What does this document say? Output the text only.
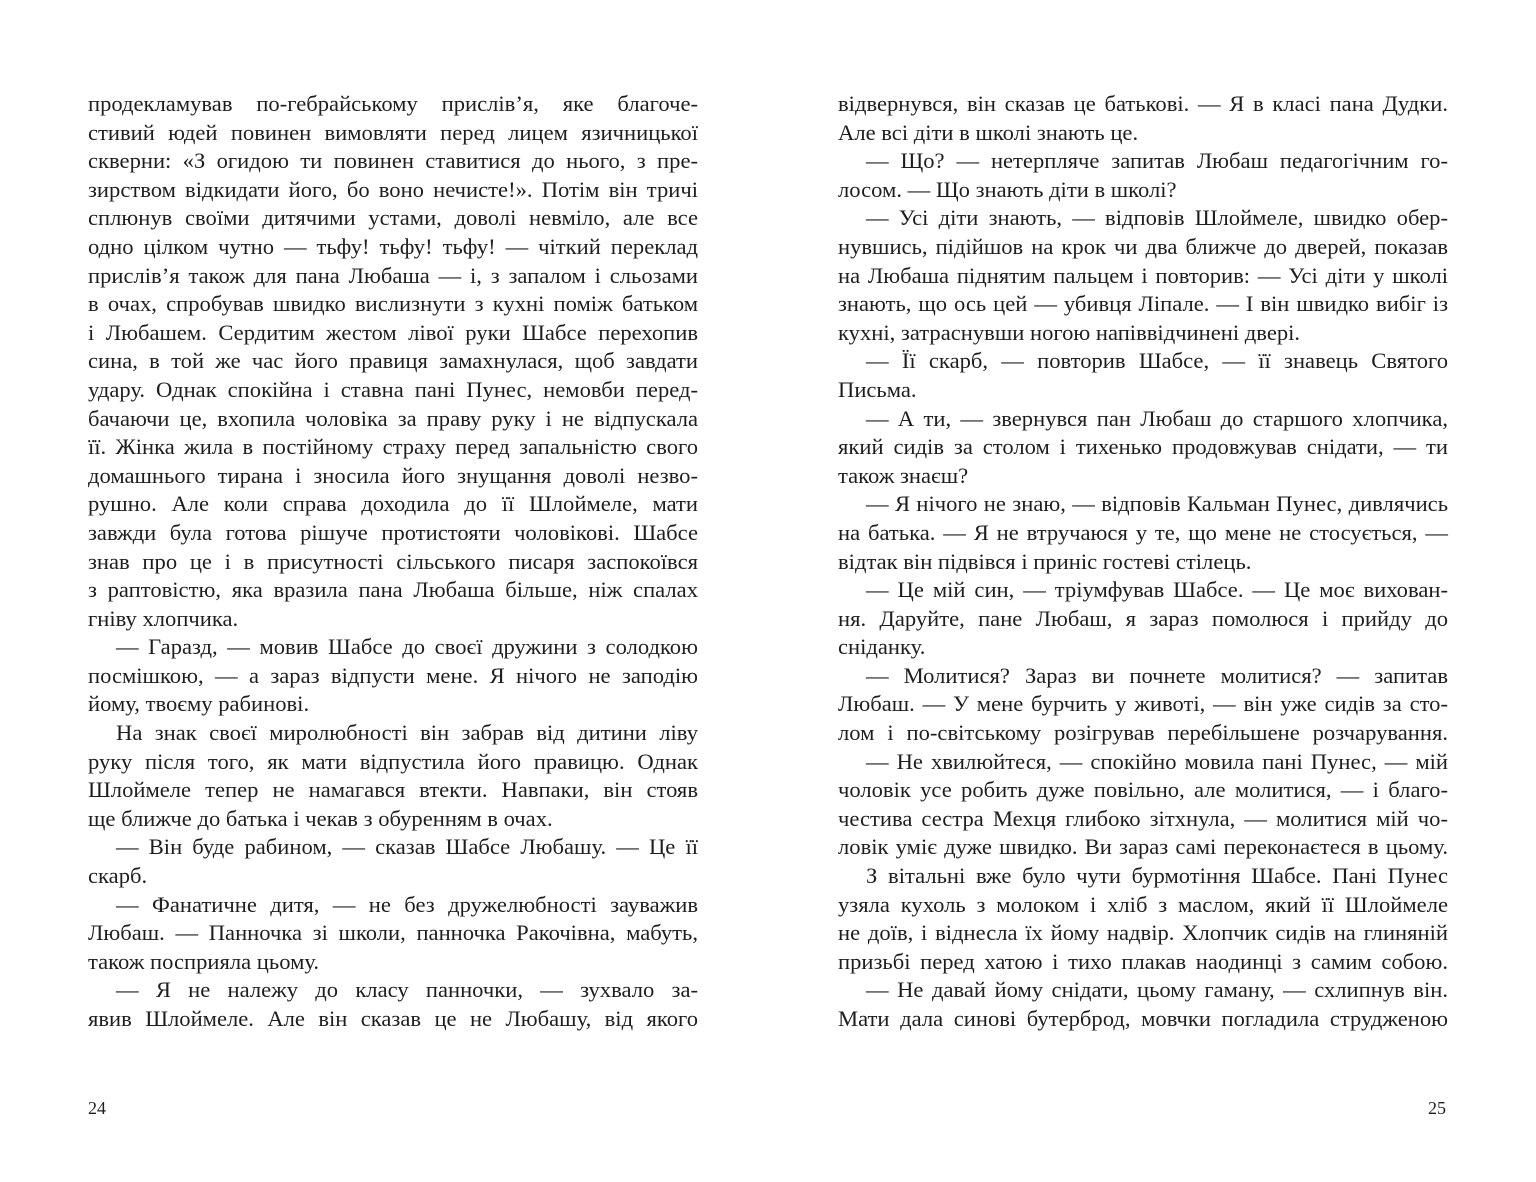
продекламував по-гебрайському прислів’я, яке благоче-
стивий юдей повинен вимовляти перед лицем язичницької
скверни: «З огидою ти повинен ставитися до нього, з пре-
зирством відкидати його, бо воно нечисте!». Потім він тричі
сплюнув своїми дитячими устами, доволі невміло, але все
одно цілком чутно — тьфу! тьфу! тьфу! — чіткий переклад
прислів’я також для пана Любаша — і, з запалом і сльозами
в очах, спробував швидко вислизнути з кухні поміж батьком
і Любашем. Сердитим жестом лівої руки Шабсе перехопив
сина, в той же час його правиця замахнулася, щоб завдати
удару. Однак спокійна і ставна пані Пунес, немовби перед-
бачаючи це, вхопила чоловіка за праву руку і не відпускала
її. Жінка жила в постійному страху перед запальністю свого
домашнього тирана і зносила його знущання доволі незво-
рушно. Але коли справа доходила до її Шлоймеле, мати
завжди була готова рішуче протистояти чоловікові. Шабсе
знав про це і в присутності сільського писаря заспокоївся
з раптовістю, яка вразила пана Любаша більше, ніж спалах
гніву хлопчика.
— Гаразд, — мовив Шабсе до своєї дружини з солодкою
посмішкою, — а зараз відпусти мене. Я нічого не заподію
йому, твоєму рабинові.
На знак своєї миролюбності він забрав від дитини ліву
руку після того, як мати відпустила його правицю. Однак
Шлоймеле тепер не намагався втекти. Навпаки, він стояв
ще ближче до батька і чекав з обуренням в очах.
— Він буде рабином, — сказав Шабсе Любашу. — Це її
скарб.
— Фанатичне дитя, — не без дружелюбності зауважив
Любаш. — Панночка зі школи, панночка Ракочівна, мабуть,
також посприяла цьому.
— Я не належу до класу панночки, — зухвало за-
явив Шлоймеле. Але він сказав це не Любашу, від якого
відвернувся, він сказав це батькові. — Я в класі пана Дудки.
Але всі діти в школі знають це.
— Що? — нетерпляче запитав Любаш педагогічним го-
лосом. — Що знають діти в школі?
— Усі діти знають, — відповів Шлоймеле, швидко обер-
нувшись, підійшов на крок чи два ближче до дверей, показав
на Любаша піднятим пальцем і повторив: — Усі діти у школі
знають, що ось цей — убивця Ліпале. — І він швидко вибіг із
кухні, затраснувши ногою напіввідчинені двері.
— Її скарб, — повторив Шабсе, — її знавець Святого
Письма.
— А ти, — звернувся пан Любаш до старшого хлопчика,
який сидів за столом і тихенько продовжував снідати, — ти
також знаєш?
— Я нічого не знаю, — відповів Кальман Пунес, дивлячись
на батька. — Я не втручаюся у те, що мене не стосується, —
відтак він підвівся і приніс гостеві стілець.
— Це мій син, — тріумфував Шабсе. — Це моє вихован-
ня. Даруйте, пане Любаш, я зараз помолюся і прийду до
сніданку.
— Молитися? Зараз ви почнете молитися? — запитав
Любаш. — У мене бурчить у животі, — він уже сидів за сто-
лом і по-світському розігрував перебільшене розчарування.
— Не хвилюйтеся, — спокійно мовила пані Пунес, — мій
чоловік усе робить дуже повільно, але молитися, — і благо-
честива сестра Мехця глибоко зітхнула, — молитися мій чо-
ловік уміє дуже швидко. Ви зараз самі переконаєтеся в цьому.
З вітальні вже було чути бурмотіння Шабсе. Пані Пунес
узяла кухоль з молоком і хліб з маслом, який її Шлоймеле
не доїв, і віднесла їх йому надвір. Хлопчик сидів на глиняній
призьбі перед хатою і тихо плакав наодинці з самим собою.
— Не давай йому снідати, цьому гаману, — схлипнув він.
Мати дала синові бутерброд, мовчки погладила струдженою
24	25
